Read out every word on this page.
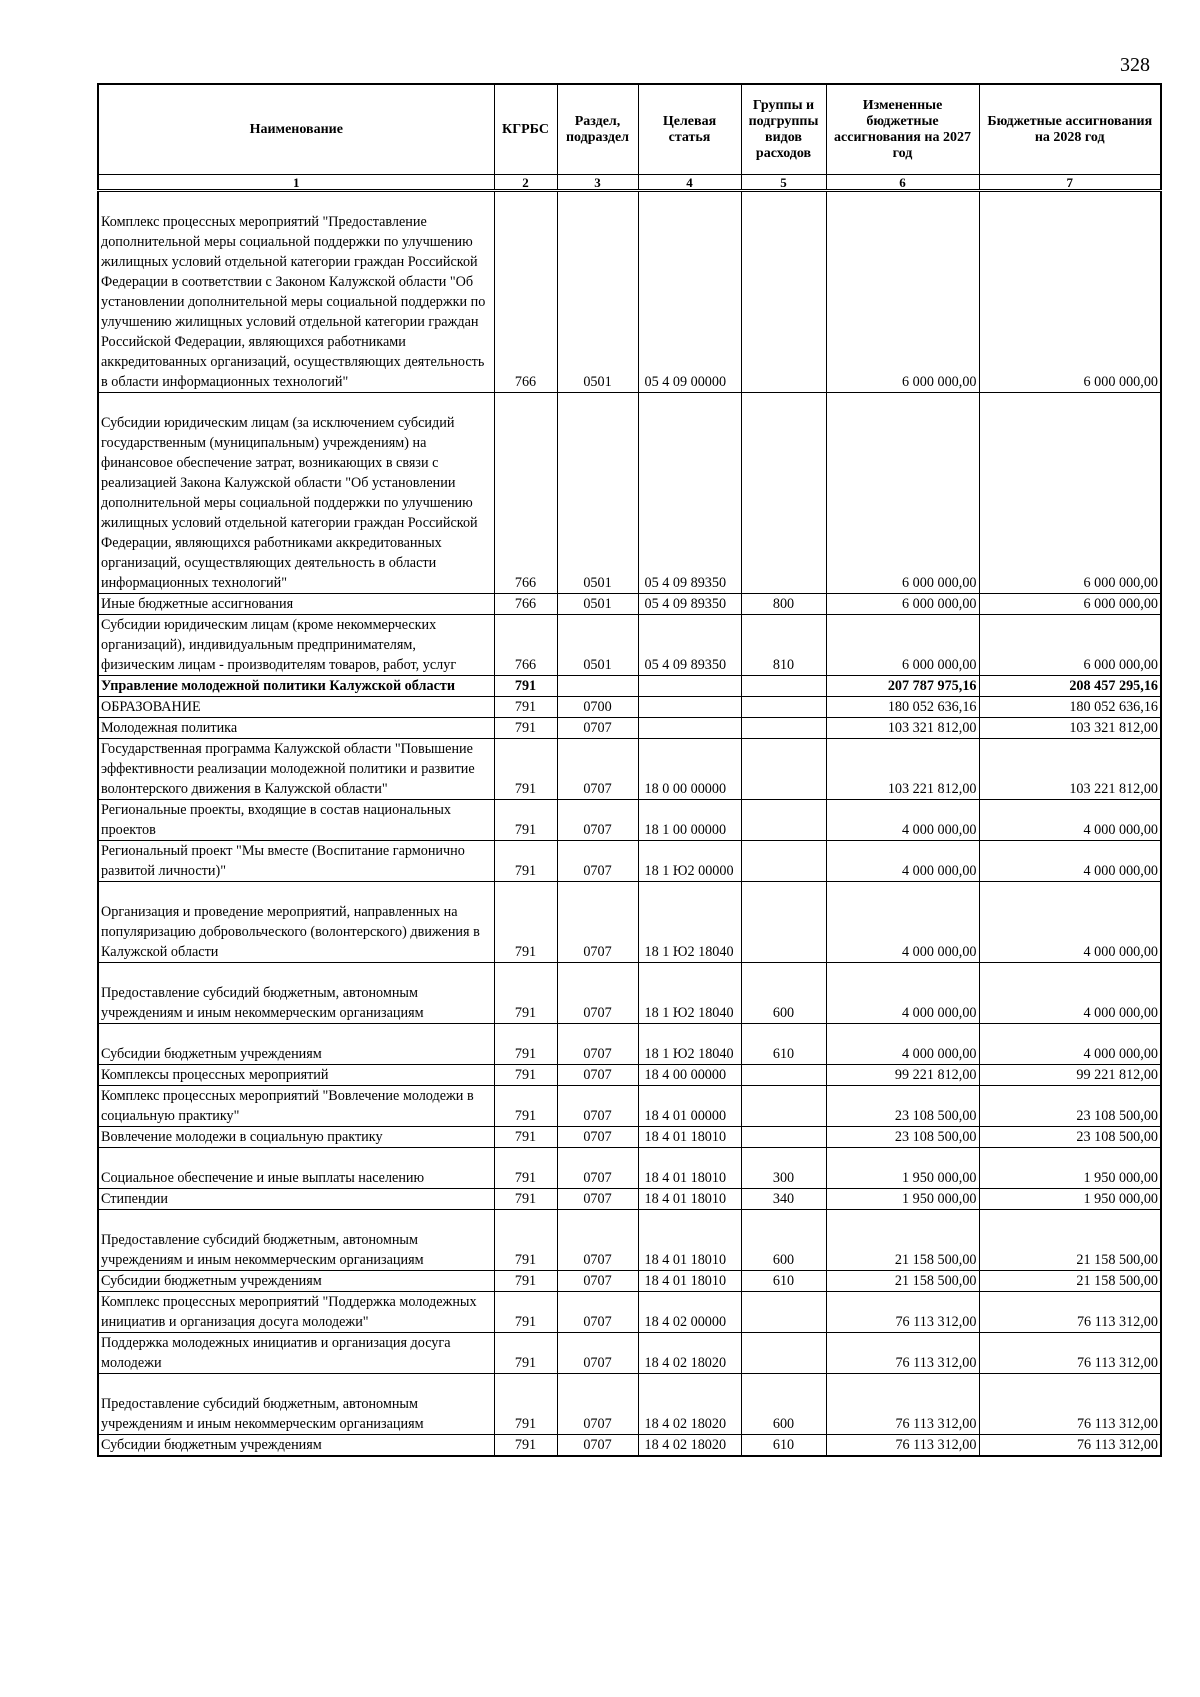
328
Наименование	КГРБС	Раздел, подраздел	Целевая статья	Группы и подгруппы видов расходов	Измененные бюджетные ассигнования на 2027 год	Бюджетные ассигнования на 2028 год
1	2	3	4	5	6	7
Комплекс процессных мероприятий "Предоставление дополнительной меры социальной поддержки по улучшению жилищных условий отдельной категории граждан Российской Федерации в соответствии с Законом Калужской области "Об установлении дополнительной меры социальной поддержки по улучшению жилищных условий отдельной категории граждан Российской Федерации, являющихся работниками аккредитованных организаций, осуществляющих деятельность в области информационных технологий"	766	0501	05 4 09 00000		6 000 000,00	6 000 000,00
Субсидии юридическим лицам (за исключением субсидий государственным (муниципальным) учреждениям) на финансовое обеспечение затрат, возникающих в связи с реализацией Закона Калужской области "Об установлении дополнительной меры социальной поддержки по улучшению жилищных условий отдельной категории граждан Российской Федерации, являющихся работниками аккредитованных организаций, осуществляющих деятельность в области информационных технологий"	766	0501	05 4 09 89350		6 000 000,00	6 000 000,00
Иные бюджетные ассигнования	766	0501	05 4 09 89350	800	6 000 000,00	6 000 000,00
Субсидии юридическим лицам (кроме некоммерческих организаций), индивидуальным предпринимателям, физическим лицам - производителям товаров, работ, услуг	766	0501	05 4 09 89350	810	6 000 000,00	6 000 000,00
Управление молодежной политики Калужской области	791				207 787 975,16	208 457 295,16
ОБРАЗОВАНИЕ	791	0700			180 052 636,16	180 052 636,16
Молодежная политика	791	0707			103 321 812,00	103 321 812,00
Государственная программа Калужской области "Повышение эффективности реализации молодежной политики и развитие волонтерского движения в Калужской области"	791	0707	18 0 00 00000		103 221 812,00	103 221 812,00
Региональные проекты, входящие в состав национальных проектов	791	0707	18 1 00 00000		4 000 000,00	4 000 000,00
Региональный проект "Мы вместе (Воспитание гармонично развитой личности)"	791	0707	18 1 Ю2 00000		4 000 000,00	4 000 000,00
Организация и проведение мероприятий, направленных на популяризацию добровольческого (волонтерского) движения в Калужской области	791	0707	18 1 Ю2 18040		4 000 000,00	4 000 000,00
Предоставление субсидий бюджетным, автономным учреждениям и иным некоммерческим организациям	791	0707	18 1 Ю2 18040	600	4 000 000,00	4 000 000,00
Субсидии бюджетным учреждениям	791	0707	18 1 Ю2 18040	610	4 000 000,00	4 000 000,00
Комплексы процессных мероприятий	791	0707	18 4 00 00000		99 221 812,00	99 221 812,00
Комплекс процессных мероприятий "Вовлечение молодежи в социальную практику"	791	0707	18 4 01 00000		23 108 500,00	23 108 500,00
Вовлечение молодежи в социальную практику	791	0707	18 4 01 18010		23 108 500,00	23 108 500,00
Социальное обеспечение и иные выплаты населению	791	0707	18 4 01 18010	300	1 950 000,00	1 950 000,00
Стипендии	791	0707	18 4 01 18010	340	1 950 000,00	1 950 000,00
Предоставление субсидий бюджетным, автономным учреждениям и иным некоммерческим организациям	791	0707	18 4 01 18010	600	21 158 500,00	21 158 500,00
Субсидии бюджетным учреждениям	791	0707	18 4 01 18010	610	21 158 500,00	21 158 500,00
Комплекс процессных мероприятий "Поддержка молодежных инициатив и организация досуга молодежи"	791	0707	18 4 02 00000		76 113 312,00	76 113 312,00
Поддержка молодежных инициатив и организация досуга молодежи	791	0707	18 4 02 18020		76 113 312,00	76 113 312,00
Предоставление субсидий бюджетным, автономным учреждениям и иным некоммерческим организациям	791	0707	18 4 02 18020	600	76 113 312,00	76 113 312,00
Субсидии бюджетным учреждениям	791	0707	18 4 02 18020	610	76 113 312,00	76 113 312,00
